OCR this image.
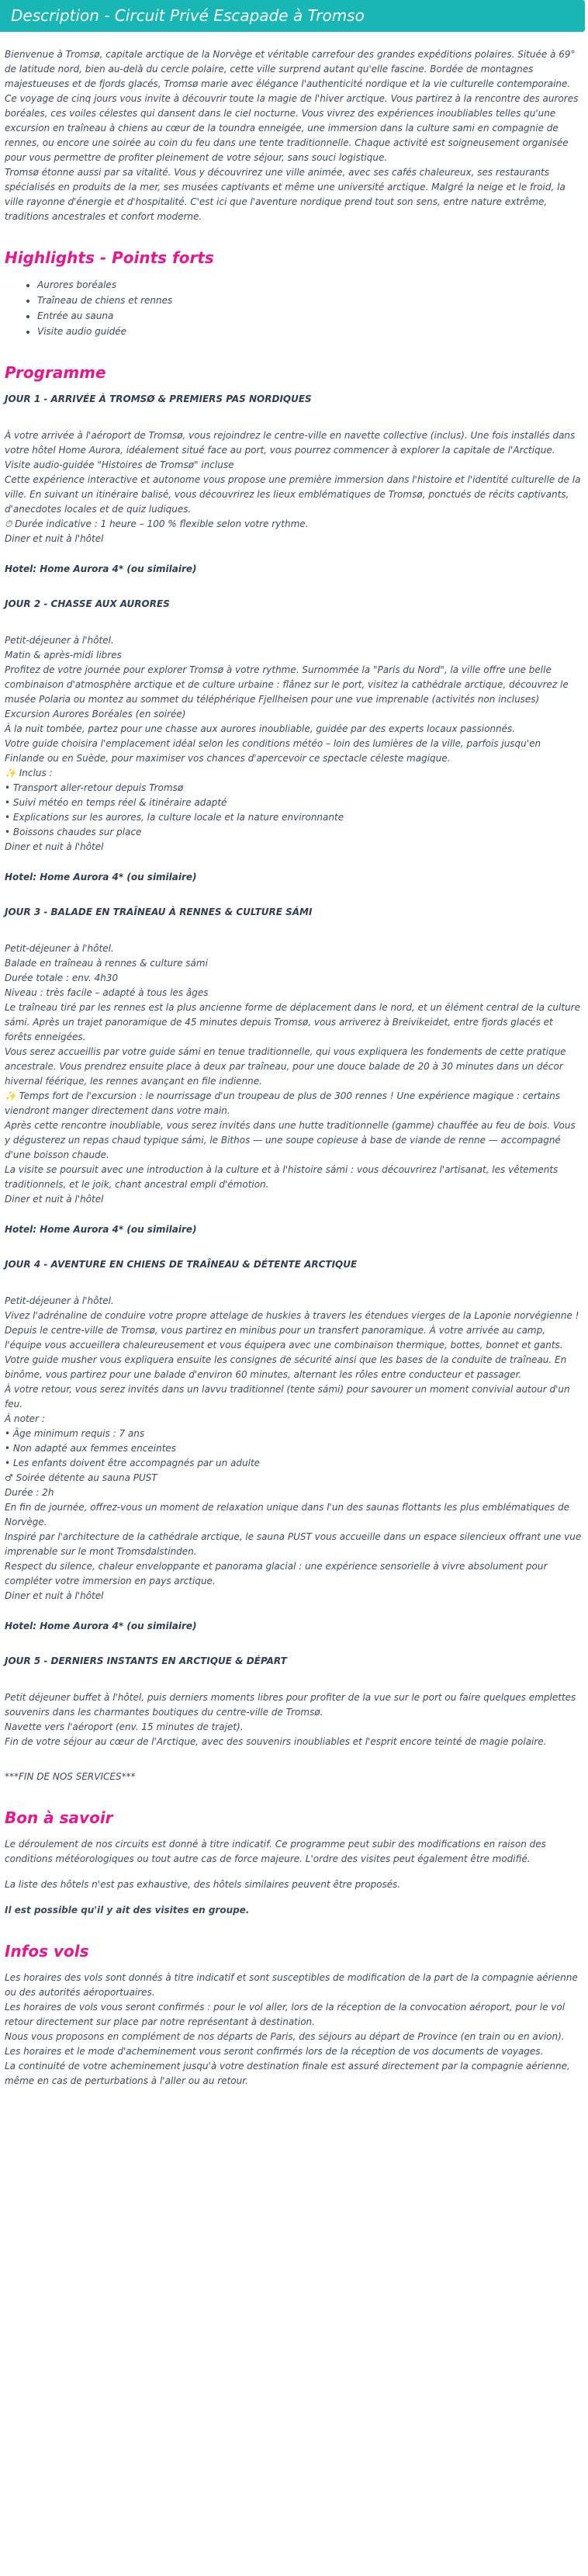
Description - Circuit Privé Escapade à Tromso

Bienvenue à Tromsø, capitale arctique de la Norvège et véritable carrefour des grandes expéditions polaires. Située à 69° de latitude nord, bien au-delà du cercle polaire, cette ville surprend autant qu'elle fascine. Bordée de montagnes majestueuses et de fjords glacés, Tromsø marie avec élégance l'authenticité nordique et la vie culturelle contemporaine. Ce voyage de cinq jours vous invite à découvrir toute la magie de l'hiver arctique. Vous partirez à la rencontre des aurores boréales, ces voiles célestes qui dansent dans le ciel nocturne. Vous vivrez des expériences inoubliables telles qu'une excursion en traîneau à chiens au cœur de la toundra enneigée, une immersion dans la culture sami en compagnie de rennes, ou encore une soirée au coin du feu dans une tente traditionnelle. Chaque activité est soigneusement organisée pour vous permettre de profiter pleinement de votre séjour, sans souci logistique.

Tromsø étonne aussi par sa vitalité. Vous y découvrirez une ville animée, avec ses cafés chaleureux, ses restaurants spécialisés en produits de la mer, ses musées captivants et même une université arctique. Malgré la neige et le froid, la ville rayonne d'énergie et d'hospitalité. C'est ici que l'aventure nordique prend tout son sens, entre nature extrême, traditions ancestrales et confort moderne.

Highlights - Points forts
• Aurores boréales
• Traîneau de chiens et rennes
• Entrée au sauna
• Visite audio guidée
Programme

JOUR 1 - ARRIVÉE À TROMSØ & PREMIERS PAS NORDIQUES

À votre arrivée à l'aéroport de Tromsø, vous rejoindrez le centre-ville en navette collective (inclus). Une fois installés dans votre hôtel Home Aurora, idéalement situé face au port, vous pourrez commencer à explorer la capitale de l'Arctique.

Visite audio-guidée "Histoires de Tromsø" incluse

Cette expérience interactive et autonome vous propose une première immersion dans l'histoire et l'identité culturelle de la ville. En suivant un itinéraire balisé, vous découvrirez les lieux emblématiques de Tromsø, ponctués de récits captivants, d'anecdotes locales et de quiz ludiques.

⏱ Durée indicative : 1 heure – 100 % flexible selon votre rythme.

Diner et nuit à l'hôtel

Hotel: Home Aurora 4* (ou similaire)

JOUR 2 - CHASSE AUX AURORES

Petit-déjeuner à l'hôtel.

Matin & après-midi libres

Profitez de votre journée pour explorer Tromsø à votre rythme. Surnommée la "Paris du Nord", la ville offre une belle combinaison d'atmosphère arctique et de culture urbaine : flânez sur le port, visitez la cathédrale arctique, découvrez le musée Polaria ou montez au sommet du téléphérique Fjellheisen pour une vue imprenable (activités non incluses)

Excursion Aurores Boréales (en soirée)

À la nuit tombée, partez pour une chasse aux aurores inoubliable, guidée par des experts locaux passionnés.

Votre guide choisira l'emplacement idéal selon les conditions météo – loin des lumières de la ville, parfois jusqu'en Finlande ou en Suède, pour maximiser vos chances d'apercevoir ce spectacle céleste magique.

✨ Inclus :

• Transport aller-retour depuis Tromsø

• Suivi météo en temps réel & itinéraire adapté

• Explications sur les aurores, la culture locale et la nature environnante

• Boissons chaudes sur place

Diner et nuit à l'hôtel

Hotel: Home Aurora 4* (ou similaire)

JOUR 3 - BALADE EN TRAÎNEAU À RENNES & CULTURE SÁMI

Petit-déjeuner à l'hôtel.

Balade en traîneau à rennes & culture sámi

Durée totale : env. 4h30

Niveau : très facile – adapté à tous les âges

Le traîneau tiré par les rennes est la plus ancienne forme de déplacement dans le nord, et un élément central de la culture sámi. Après un trajet panoramique de 45 minutes depuis Tromsø, vous arriverez à Breivikeidet, entre fjords glacés et forêts enneigées.

Vous serez accueillis par votre guide sámi en tenue traditionnelle, qui vous expliquera les fondements de cette pratique ancestrale. Vous prendrez ensuite place à deux par traîneau, pour une douce balade de 20 à 30 minutes dans un décor hivernal féérique, les rennes avançant en file indienne.

✨ Temps fort de l'excursion : le nourrissage d'un troupeau de plus de 300 rennes ! Une expérience magique : certains viendront manger directement dans votre main.

Après cette rencontre inoubliable, vous serez invités dans une hutte traditionnelle (gamme) chauffée au feu de bois. Vous y dégusterez un repas chaud typique sámi, le Bithos — une soupe copieuse à base de viande de renne — accompagné d'une boisson chaude.

La visite se poursuit avec une introduction à la culture et à l'histoire sámi : vous découvrirez l'artisanat, les vêtements traditionnels, et le joik, chant ancestral empli d'émotion.

Diner et nuit à l'hôtel

Hotel: Home Aurora 4* (ou similaire)

JOUR 4 - AVENTURE EN CHIENS DE TRAÎNEAU & DÉTENTE ARCTIQUE

Petit-déjeuner à l'hôtel.

Vivez l'adrénaline de conduire votre propre attelage de huskies à travers les étendues vierges de la Laponie norvégienne !

Depuis le centre-ville de Tromsø, vous partirez en minibus pour un transfert panoramique. À votre arrivée au camp, l'équipe vous accueillera chaleureusement et vous équipera avec une combinaison thermique, bottes, bonnet et gants.

Votre guide musher vous expliquera ensuite les consignes de sécurité ainsi que les bases de la conduite de traîneau. En binôme, vous partirez pour une balade d'environ 60 minutes, alternant les rôles entre conducteur et passager.

À votre retour, vous serez invités dans un lavvu traditionnel (tente sámi) pour savourer un moment convivial autour d'un feu.

À noter :

• Âge minimum requis : 7 ans

• Non adapté aux femmes enceintes

• Les enfants doivent être accompagnés par un adulte

♂ Soirée détente au sauna PUST

Durée : 2h

En fin de journée, offrez-vous un moment de relaxation unique dans l'un des saunas flottants les plus emblématiques de Norvège.

Inspiré par l'architecture de la cathédrale arctique, le sauna PUST vous accueille dans un espace silencieux offrant une vue imprenable sur le mont Tromsdalstinden.

Respect du silence, chaleur enveloppante et panorama glacial : une expérience sensorielle à vivre absolument pour compléter votre immersion en pays arctique.

Diner et nuit à l'hôtel

Hotel: Home Aurora 4* (ou similaire)

JOUR 5 - DERNIERS INSTANTS EN ARCTIQUE & DÉPART

Petit déjeuner buffet à l'hôtel, puis derniers moments libres pour profiter de la vue sur le port ou faire quelques emplettes souvenirs dans les charmantes boutiques du centre-ville de Tromsø.

Navette vers l'aéroport (env. 15 minutes de trajet).

Fin de votre séjour au cœur de l'Arctique, avec des souvenirs inoubliables et l'esprit encore teinté de magie polaire.

***FIN DE NOS SERVICES***

Bon à savoir

Le déroulement de nos circuits est donné à titre indicatif. Ce programme peut subir des modifications en raison des conditions météorologiques ou tout autre cas de force majeure. L'ordre des visites peut également être modifié.

La liste des hôtels n'est pas exhaustive, des hôtels similaires peuvent être proposés.

Il est possible qu'il y ait des visites en groupe.

Infos vols

Les horaires des vols sont donnés à titre indicatif et sont susceptibles de modification de la part de la compagnie aérienne ou des autorités aéroportuaires.

Les horaires de vols vous seront confirmés : pour le vol aller, lors de la réception de la convocation aéroport, pour le vol retour directement sur place par notre représentant à destination.

Nous vous proposons en complément de nos départs de Paris, des séjours au départ de Province (en train ou en avion).

Les horaires et le mode d'acheminement vous seront confirmés lors de la réception de vos documents de voyages.

La continuité de votre acheminement jusqu'à votre destination finale est assuré directement par la compagnie aérienne, même en cas de perturbations à l'aller ou au retour.
